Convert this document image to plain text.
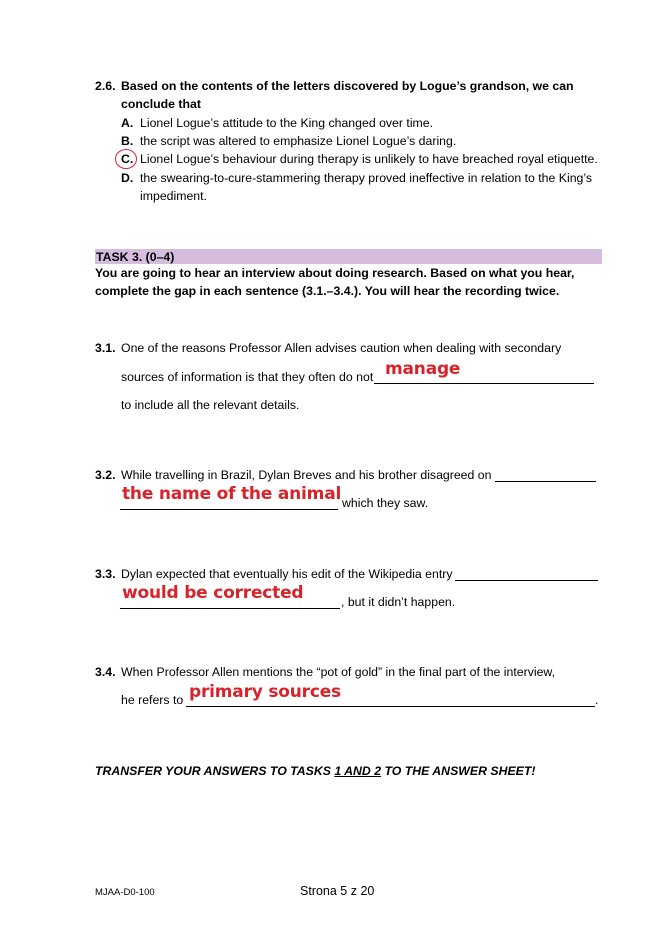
2.6. Based on the contents of the letters discovered by Logue’s grandson, we can
conclude that
A. Lionel Logue’s attitude to the King changed over time.
B. the script was altered to emphasize Lionel Logue’s daring.
C. Lionel Logue’s behaviour during therapy is unlikely to have breached royal etiquette.
D. the swearing-to-cure-stammering therapy proved ineffective in relation to the King’s
impediment.
TASK 3. (0–4)
You are going to hear an interview about doing research. Based on what you hear,
complete the gap in each sentence (3.1.–3.4.). You will hear the recording twice.
3.1. One of the reasons Professor Allen advises caution when dealing with secondary
sources of information is that they often do not manage
to include all the relevant details.
3.2. While travelling in Brazil, Dylan Breves and his brother disagreed on
the name of the animal which they saw.
3.3. Dylan expected that eventually his edit of the Wikipedia entry
would be corrected	, but it didn’t happen.
3.4. When Professor Allen mentions the “pot of gold” in the final part of the interview,
he refers to primary sources	.
TRANSFER YOUR ANSWERS TO TASKS 1 AND 2 TO THE ANSWER SHEET!
MJAA-D0-100	Strona 5 z 20
